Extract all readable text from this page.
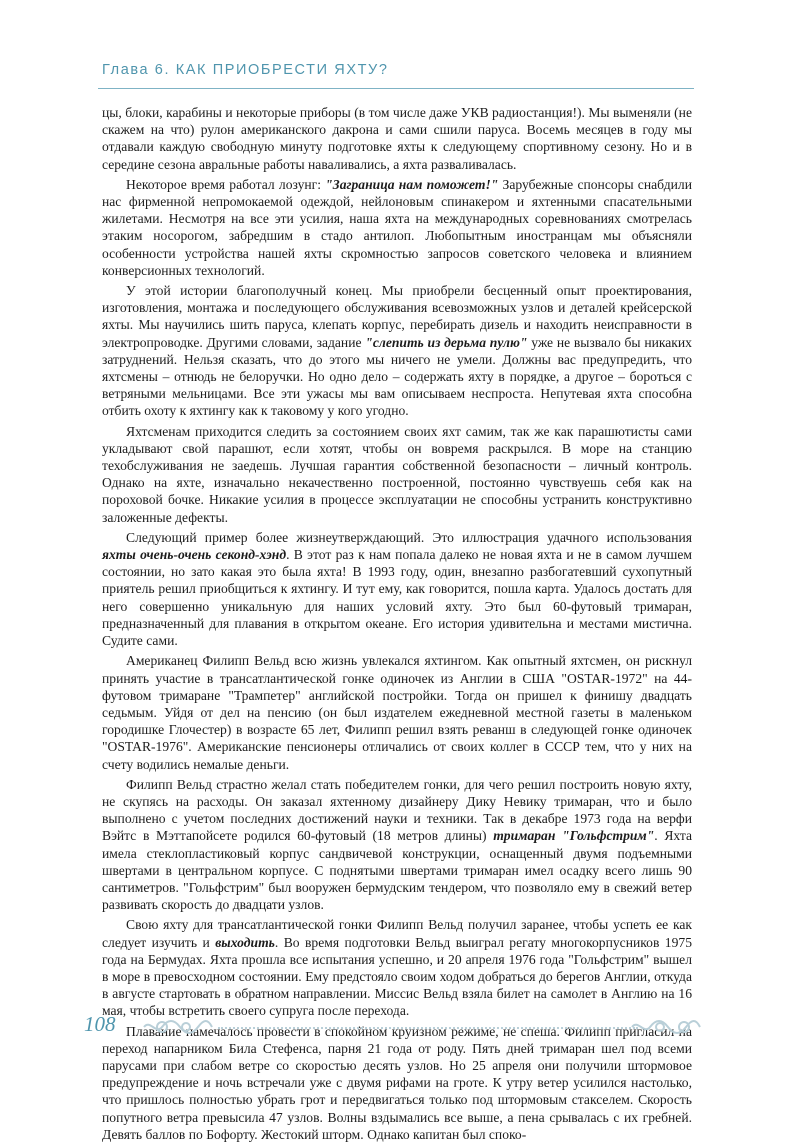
Глава 6. КАК ПРИОБРЕСТИ ЯХТУ?

цы, блоки, карабины и некоторые приборы (в том числе даже УКВ радиостанция!). Мы выменяли (не скажем на что) рулон американского дакрона и сами сшили паруса. Восемь месяцев в году мы отдавали каждую свободную минуту подготовке яхты к следующему спортивному сезону. Но и в середине сезона авральные работы наваливались, а яхта разваливалась.

Некоторое время работал лозунг: "Заграница нам поможет!" Зарубежные спонсоры снабдили нас фирменной непромокаемой одеждой, нейлоновым спинакером и яхтенными спасательными жилетами. Несмотря на все эти усилия, наша яхта на международных соревнованиях смотрелась этаким носорогом, забредшим в стадо антилоп. Любопытным иностранцам мы объясняли особенности устройства нашей яхты скромностью запросов советского человека и влиянием конверсионных технологий.

У этой истории благополучный конец. Мы приобрели бесценный опыт проектирования, изготовления, монтажа и последующего обслуживания всевозможных узлов и деталей крейсерской яхты. Мы научились шить паруса, клепать корпус, перебирать дизель и находить неисправности в электропроводке. Другими словами, задание "слепить из дерьма пулю" уже не вызвало бы никаких затруднений. Нельзя сказать, что до этого мы ничего не умели. Должны вас предупредить, что яхтсмены – отнюдь не белоручки. Но одно дело – содержать яхту в порядке, а другое – бороться с ветряными мельницами. Все эти ужасы мы вам описываем неспроста. Непутевая яхта способна отбить охоту к яхтингу как к таковому у кого угодно.

Яхтсменам приходится следить за состоянием своих яхт самим, так же как парашютисты сами укладывают свой парашют, если хотят, чтобы он вовремя раскрылся. В море на станцию техобслуживания не заедешь. Лучшая гарантия собственной безопасности – личный контроль. Однако на яхте, изначально некачественно построенной, постоянно чувствуешь себя как на пороховой бочке. Никакие усилия в процессе эксплуатации не способны устранить конструктивно заложенные дефекты.

Следующий пример более жизнеутверждающий. Это иллюстрация удачного использования яхты очень-очень секонд-хэнд. В этот раз к нам попала далеко не новая яхта и не в самом лучшем состоянии, но зато какая это была яхта! В 1993 году, один, внезапно разбогатевший сухопутный приятель решил приобщиться к яхтингу. И тут ему, как говорится, пошла карта. Удалось достать для него совершенно уникальную для наших условий яхту. Это был 60-футовый тримаран, предназначенный для плавания в открытом океане. Его история удивительна и местами мистична. Судите сами.

Американец Филипп Вельд всю жизнь увлекался яхтингом. Как опытный яхтсмен, он рискнул принять участие в трансатлантической гонке одиночек из Англии в США "OSTAR-1972" на 44-футовом тримаране "Трампетер" английской постройки. Тогда он пришел к финишу двадцать седьмым. Уйдя от дел на пенсию (он был издателем ежедневной местной газеты в маленьком городишке Глочестер) в возрасте 65 лет, Филипп решил взять реванш в следующей гонке одиночек "OSTAR-1976". Американские пенсионеры отличались от своих коллег в СССР тем, что у них на счету водились немалые деньги.

Филипп Вельд страстно желал стать победителем гонки, для чего решил построить новую яхту, не скупясь на расходы. Он заказал яхтенному дизайнеру Дику Невику тримаран, что и было выполнено с учетом последних достижений науки и техники. Так в декабре 1973 года на верфи Вэйтс в Мэттапойсете родился 60-футовый (18 метров длины) тримаран "Гольфстрим". Яхта имела стеклопластиковый корпус сандвичевой конструкции, оснащенный двумя подъемными швертами в центральном корпусе. С поднятыми швертами тримаран имел осадку всего лишь 90 сантиметров. "Гольфстрим" был вооружен бермудским тендером, что позволяло ему в свежий ветер развивать скорость до двадцати узлов.

Свою яхту для трансатлантической гонки Филипп Вельд получил заранее, чтобы успеть ее как следует изучить и выходить. Во время подготовки Вельд выиграл регату многокорпусников 1975 года на Бермудах. Яхта прошла все испытания успешно, и 20 апреля 1976 года "Гольфстрим" вышел в море в превосходном состоянии. Ему предстояло своим ходом добраться до берегов Англии, откуда в августе стартовать в обратном направлении. Миссис Вельд взяла билет на самолет в Англию на 16 мая, чтобы встретить своего супруга после перехода.

Плавание намечалось провести в спокойном круизном режиме, не спеша. Филипп пригласил на переход напарником Била Стефенса, парня 21 года от роду. Пять дней тримаран шел под всеми парусами при слабом ветре со скоростью десять узлов. Но 25 апреля они получили штормовое предупреждение и ночь встречали уже с двумя рифами на гроте. К утру ветер усилился настолько, что пришлось полностью убрать грот и передвигаться только под штормовым стакселем. Скорость попутного ветра превысила 47 узлов. Волны вздымались все выше, а пена срывалась с их гребней. Девять баллов по Бофорту. Жестокий шторм. Однако капитан был споко-

108
